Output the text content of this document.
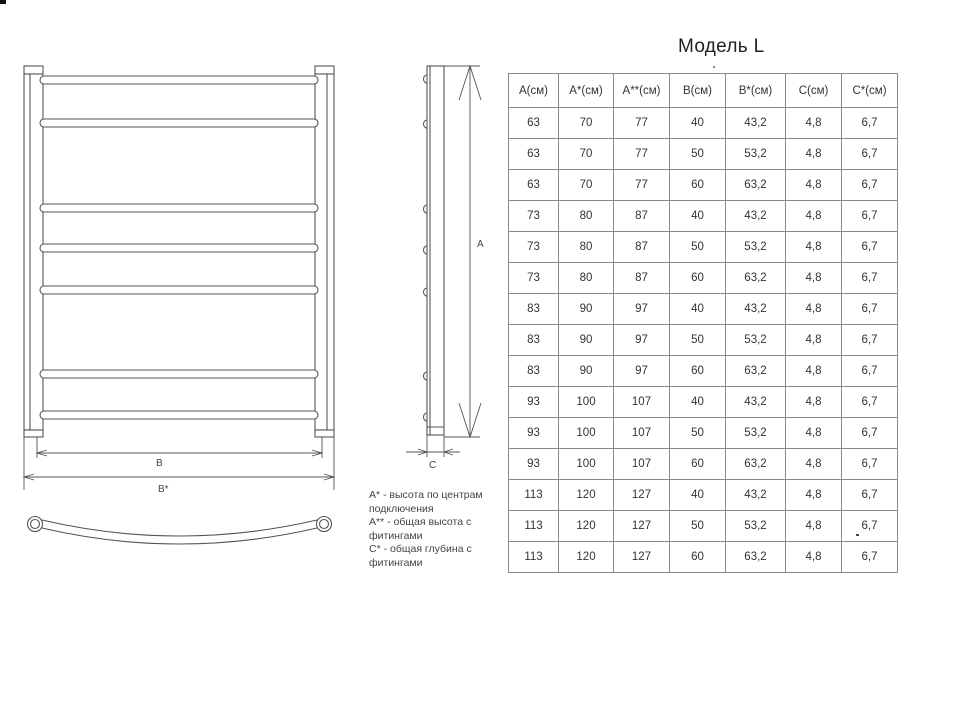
B
B*
A
C
Модель L

A* - высота по центрам подключения

A** - общая высота с фитингами

C* - общая глубина с фитингами

A(см)	A*(см)	A**(см)	B(см)	B*(см)	C(см)	C*(см)
63	70	77	40	43,2	4,8	6,7
63	70	77	50	53,2	4,8	6,7
63	70	77	60	63,2	4,8	6,7
73	80	87	40	43,2	4,8	6,7
73	80	87	50	53,2	4,8	6,7
73	80	87	60	63,2	4,8	6,7
83	90	97	40	43,2	4,8	6,7
83	90	97	50	53,2	4,8	6,7
83	90	97	60	63,2	4,8	6,7
93	100	107	40	43,2	4,8	6,7
93	100	107	50	53,2	4,8	6,7
93	100	107	60	63,2	4,8	6,7
113	120	127	40	43,2	4,8	6,7
113	120	127	50	53,2	4,8	6,7
113	120	127	60	63,2	4,8	6,7
